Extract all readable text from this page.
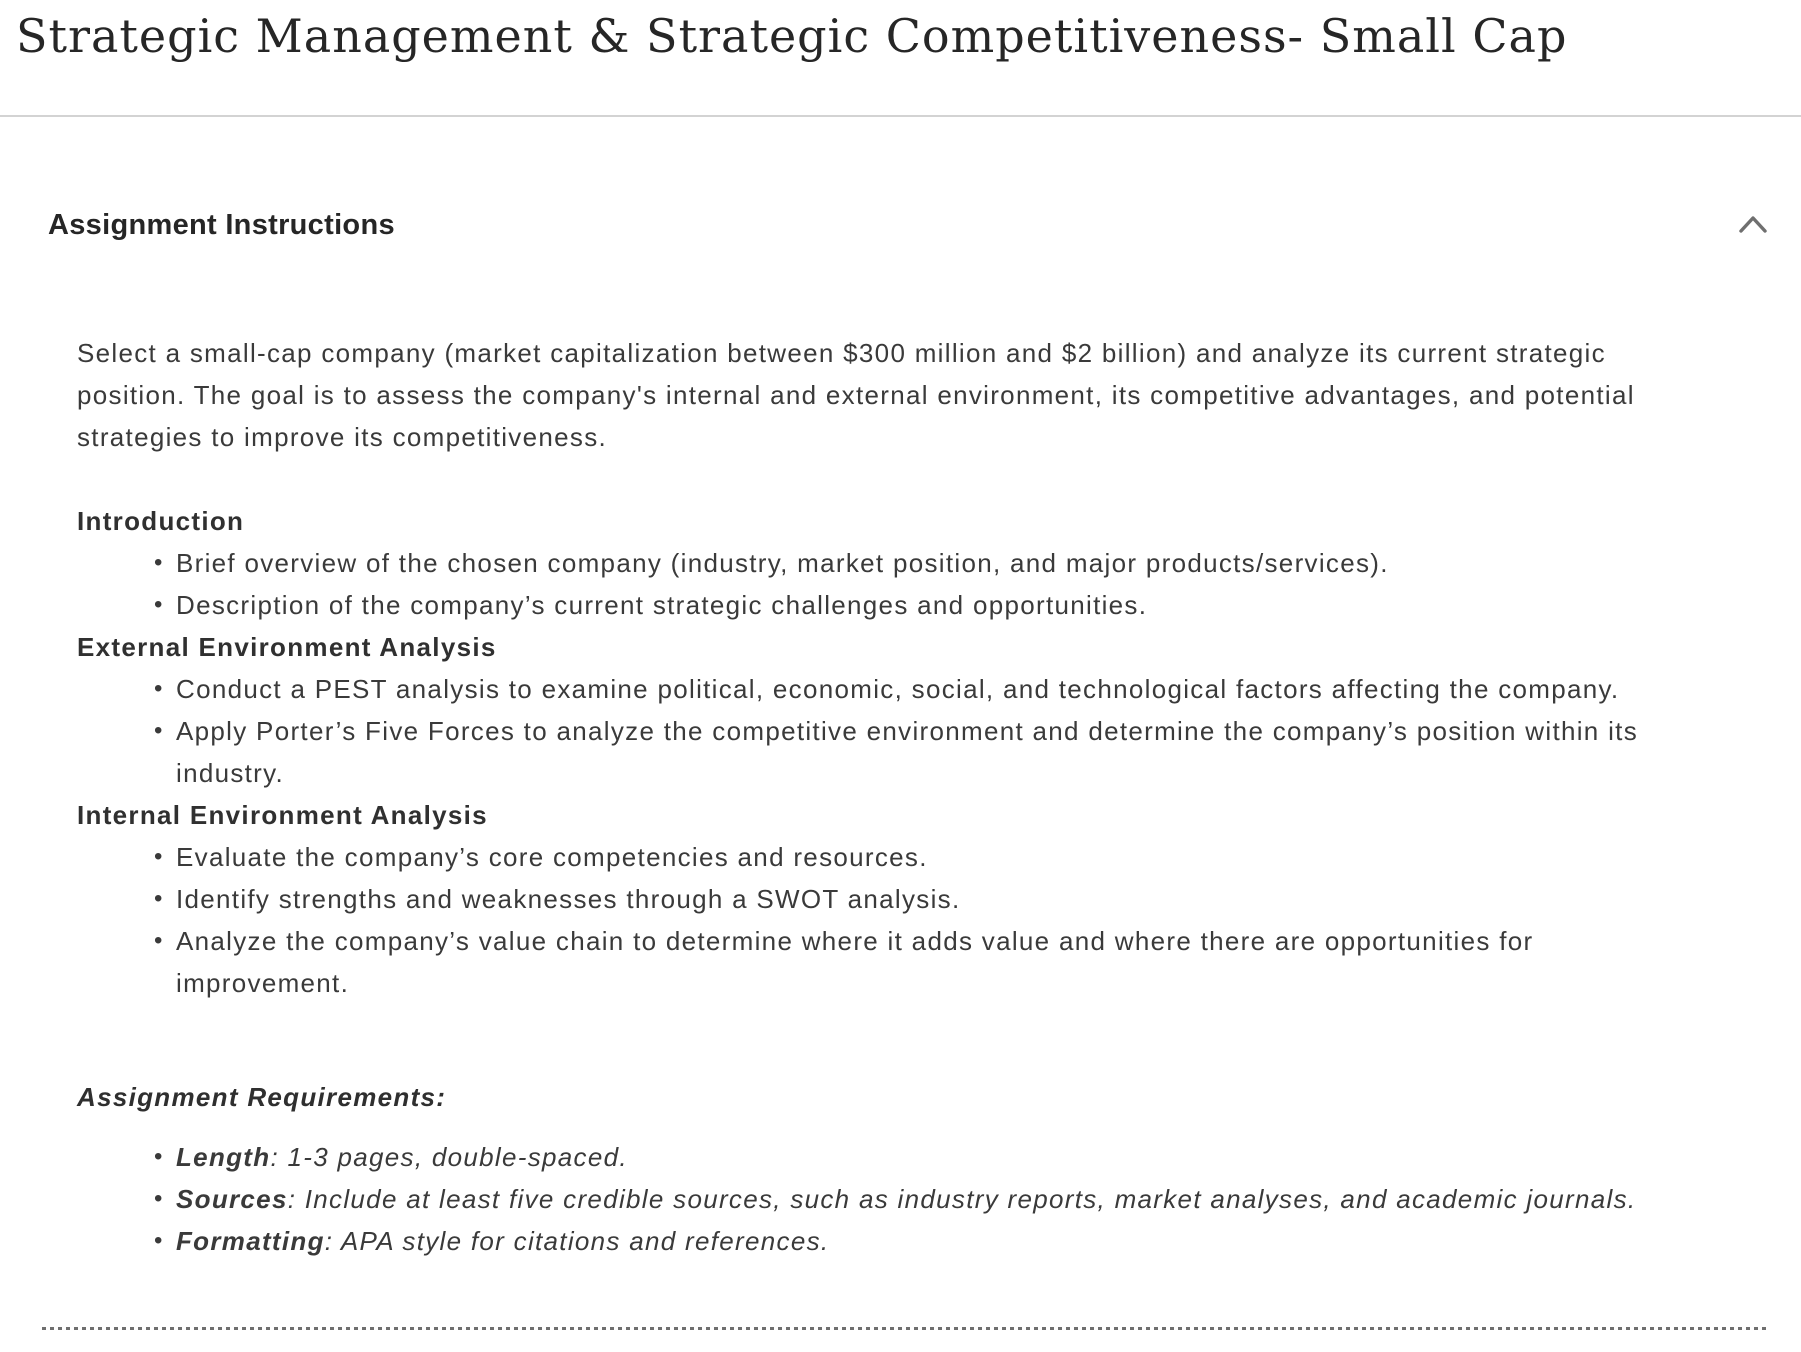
Strategic Management & Strategic Competitiveness- Small Cap
Assignment Instructions

Select a small-cap company (market capitalization between $300 million and $2 billion) and analyze its current strategic position. The goal is to assess the company's internal and external environment, its competitive advantages, and potential strategies to improve its competitiveness.

Introduction
• Brief overview of the chosen company (industry, market position, and major products/services).
• Description of the company’s current strategic challenges and opportunities.
External Environment Analysis
• Conduct a PEST analysis to examine political, economic, social, and technological factors affecting the company.
• Apply Porter’s Five Forces to analyze the competitive environment and determine the company’s position within its industry.
Internal Environment Analysis
• Evaluate the company’s core competencies and resources.
• Identify strengths and weaknesses through a SWOT analysis.
• Analyze the company’s value chain to determine where it adds value and where there are opportunities for improvement.
Assignment Requirements:
• Length: 1-3 pages, double-spaced.
• Sources: Include at least five credible sources, such as industry reports, market analyses, and academic journals.
• Formatting: APA style for citations and references.
